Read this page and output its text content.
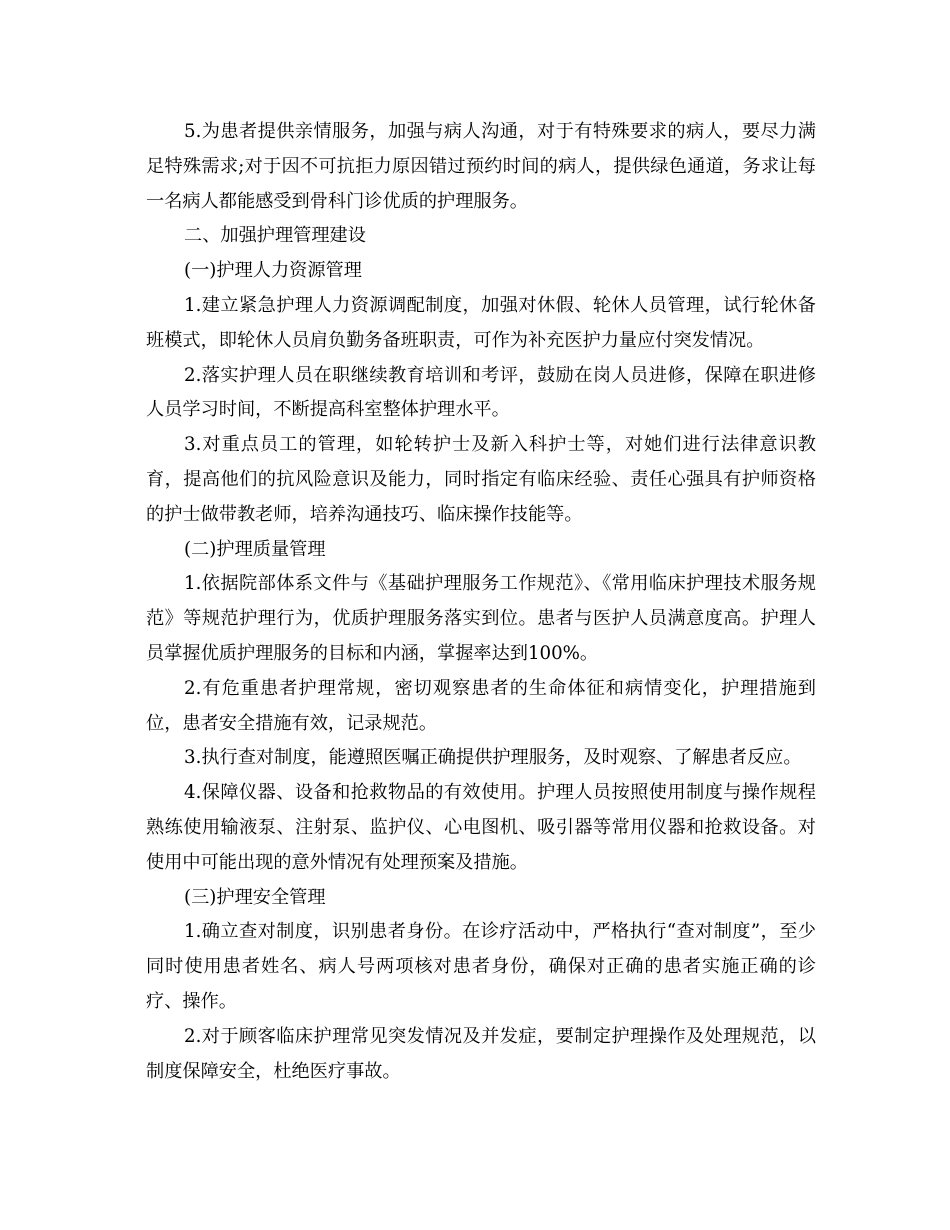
5.为患者提供亲情服务，加强与病人沟通，对于有特殊要求的病人，要尽力满足特殊需求;对于因不可抗拒力原因错过预约时间的病人，提供绿色通道，务求让每一名病人都能感受到骨科门诊优质的护理服务。

二、加强护理管理建设

(一)护理人力资源管理

1.建立紧急护理人力资源调配制度，加强对休假、轮休人员管理，试行轮休备班模式，即轮休人员肩负勤务备班职责，可作为补充医护力量应付突发情况。

2.落实护理人员在职继续教育培训和考评，鼓励在岗人员进修，保障在职进修人员学习时间，不断提高科室整体护理水平。

3.对重点员工的管理，如轮转护士及新入科护士等，对她们进行法律意识教育，提高他们的抗风险意识及能力，同时指定有临床经验、责任心强具有护师资格的护士做带教老师，培养沟通技巧、临床操作技能等。

(二)护理质量管理

1.依据院部体系文件与《基础护理服务工作规范》、《常用临床护理技术服务规范》等规范护理行为，优质护理服务落实到位。患者与医护人员满意度高。护理人员掌握优质护理服务的目标和内涵，掌握率达到100%。

2.有危重患者护理常规，密切观察患者的生命体征和病情变化，护理措施到位，患者安全措施有效，记录规范。

3.执行查对制度，能遵照医嘱正确提供护理服务，及时观察、了解患者反应。

4.保障仪器、设备和抢救物品的有效使用。护理人员按照使用制度与操作规程熟练使用输液泵、注射泵、监护仪、心电图机、吸引器等常用仪器和抢救设备。对使用中可能出现的意外情况有处理预案及措施。

(三)护理安全管理

1.确立查对制度，识别患者身份。在诊疗活动中，严格执行“查对制度”，至少同时使用患者姓名、病人号两项核对患者身份，确保对正确的患者实施正确的诊疗、操作。

2.对于顾客临床护理常见突发情况及并发症，要制定护理操作及处理规范，以制度保障安全，杜绝医疗事故。
